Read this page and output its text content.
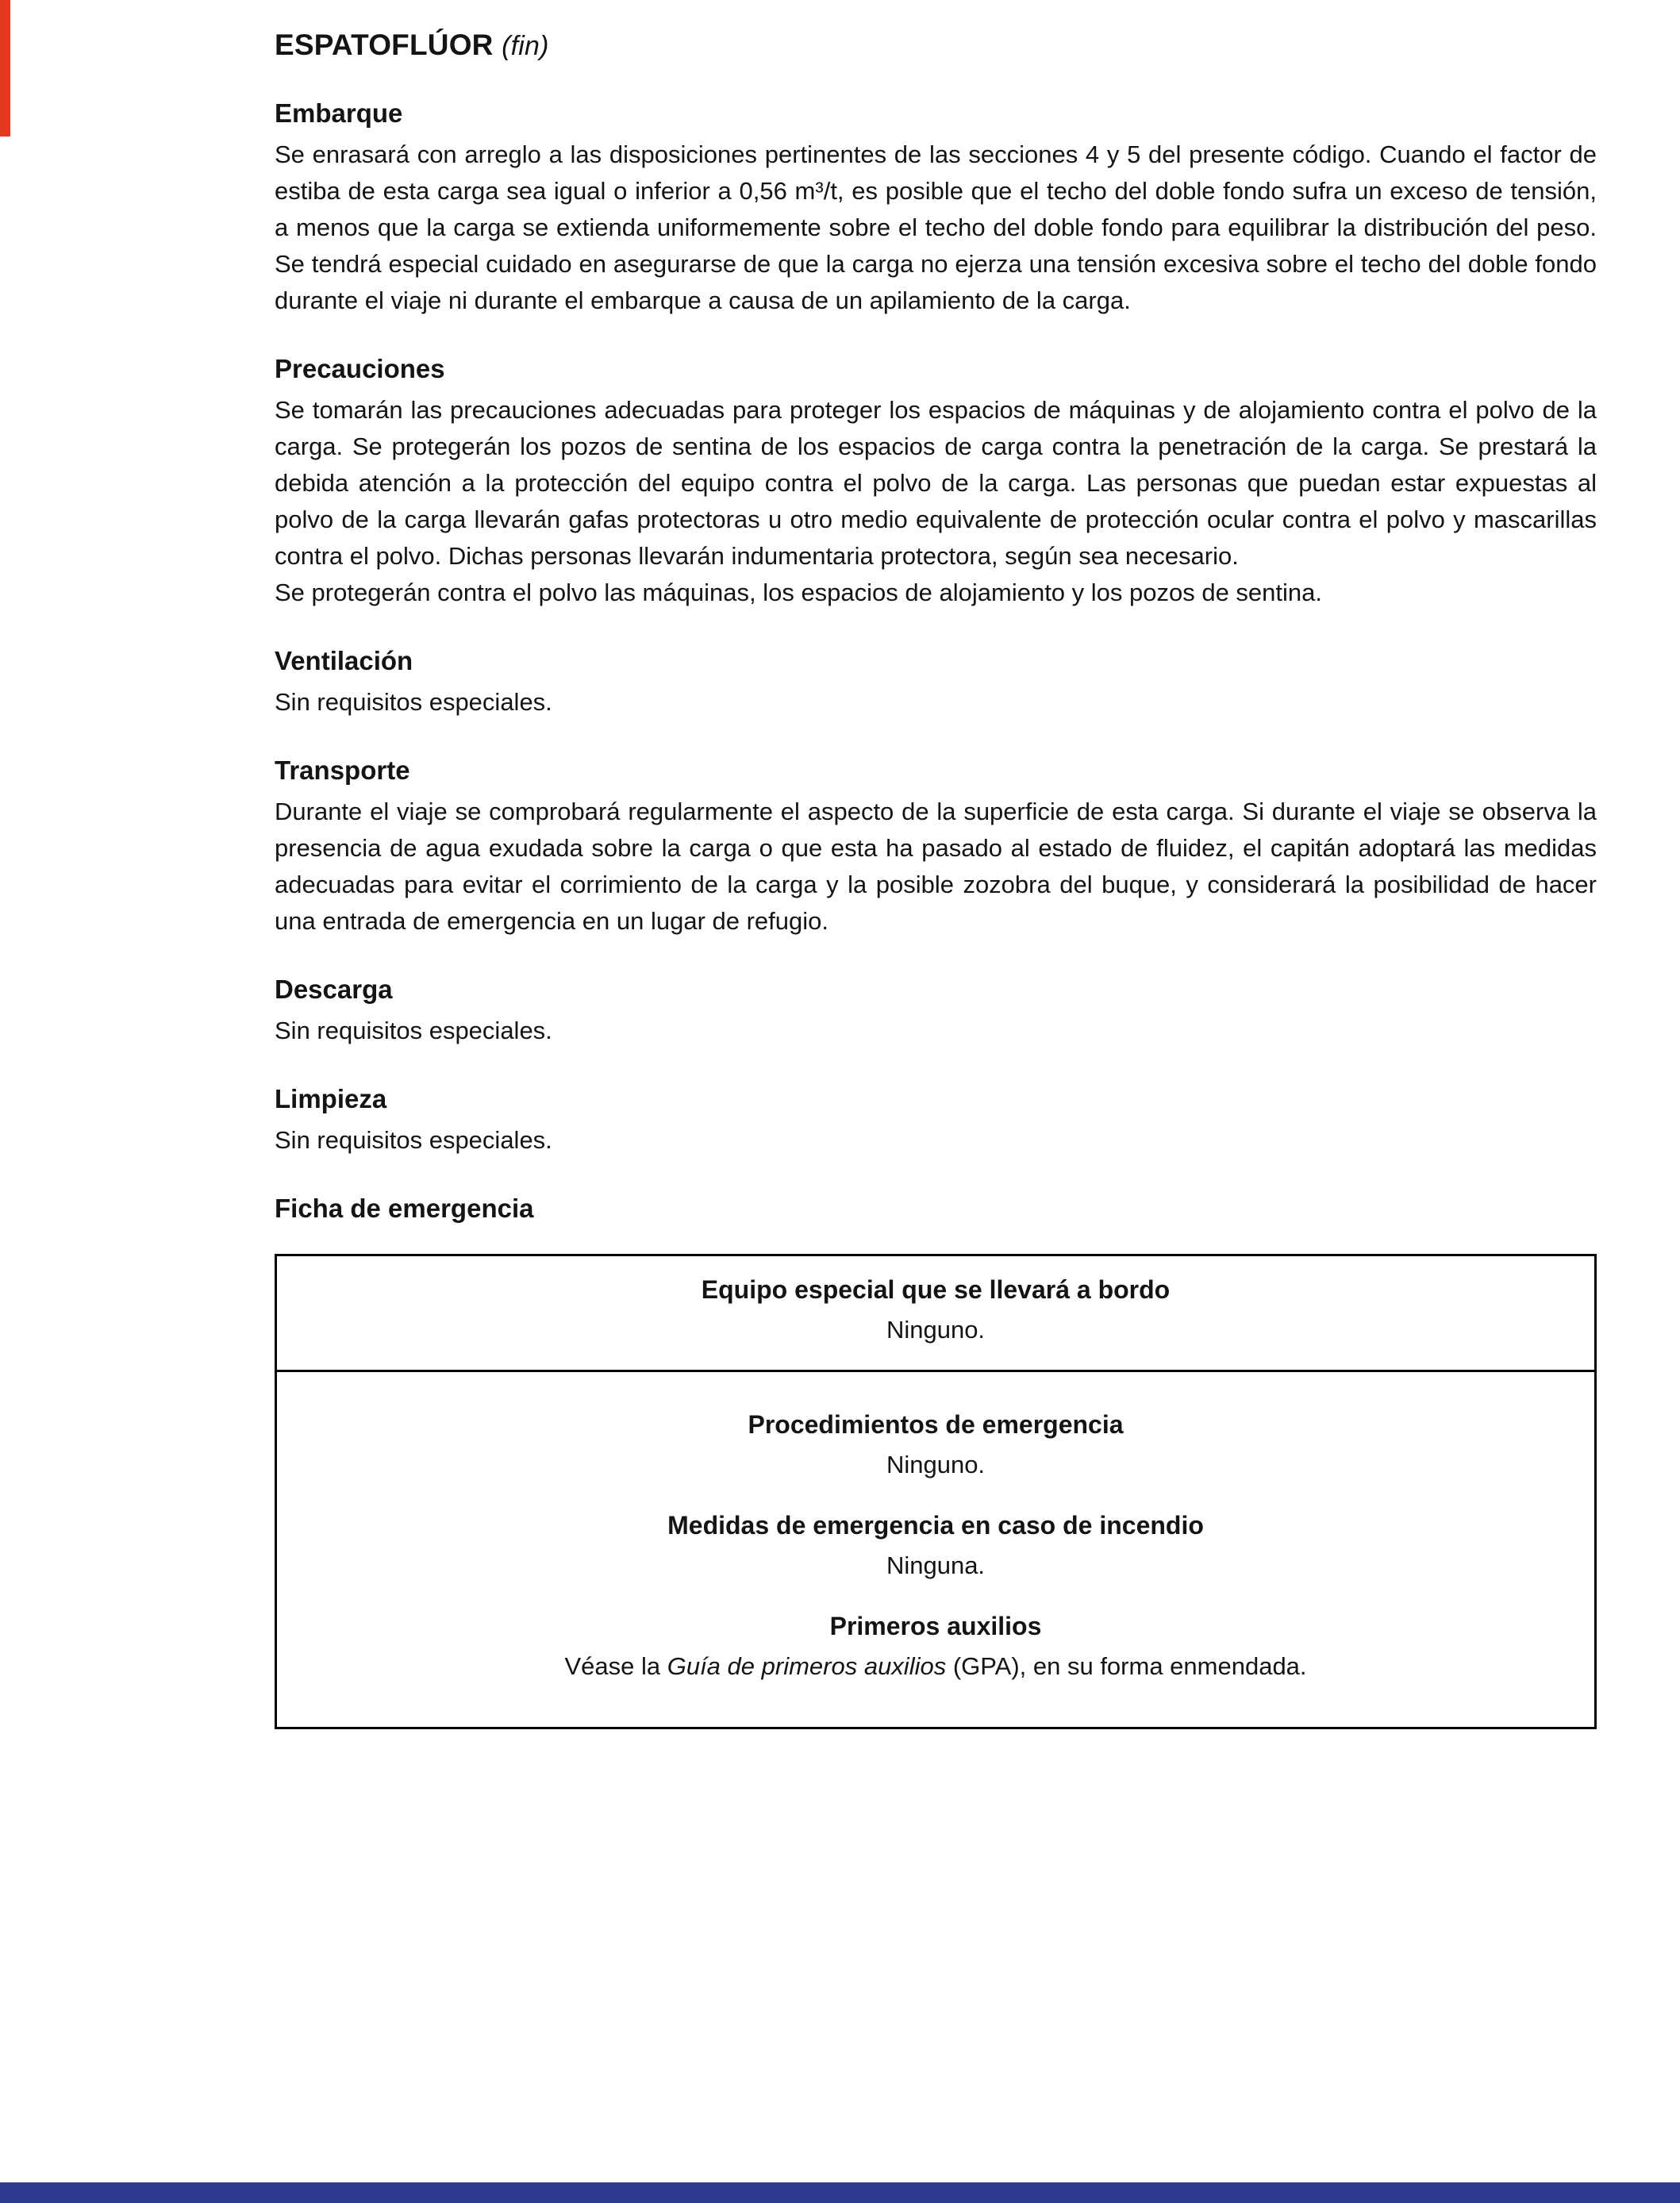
ESPATOFLÚOR (fin)
Embarque

Se enrasará con arreglo a las disposiciones pertinentes de las secciones 4 y 5 del presente código. Cuando el factor de estiba de esta carga sea igual o inferior a 0,56 m³/t, es posible que el techo del doble fondo sufra un exceso de tensión, a menos que la carga se extienda uniformemente sobre el techo del doble fondo para equilibrar la distribución del peso. Se tendrá especial cuidado en asegurarse de que la carga no ejerza una tensión excesiva sobre el techo del doble fondo durante el viaje ni durante el embarque a causa de un apilamiento de la carga.

Precauciones

Se tomarán las precauciones adecuadas para proteger los espacios de máquinas y de alojamiento contra el polvo de la carga. Se protegerán los pozos de sentina de los espacios de carga contra la penetración de la carga. Se prestará la debida atención a la protección del equipo contra el polvo de la carga. Las personas que puedan estar expuestas al polvo de la carga llevarán gafas protectoras u otro medio equivalente de protección ocular contra el polvo y mascarillas contra el polvo. Dichas personas llevarán indumentaria protectora, según sea necesario.

Se protegerán contra el polvo las máquinas, los espacios de alojamiento y los pozos de sentina.

Ventilación

Sin requisitos especiales.

Transporte

Durante el viaje se comprobará regularmente el aspecto de la superficie de esta carga. Si durante el viaje se observa la presencia de agua exudada sobre la carga o que esta ha pasado al estado de fluidez, el capitán adoptará las medidas adecuadas para evitar el corrimiento de la carga y la posible zozobra del buque, y considerará la posibilidad de hacer una entrada de emergencia en un lugar de refugio.

Descarga

Sin requisitos especiales.

Limpieza

Sin requisitos especiales.

Ficha de emergencia

Equipo especial que se llevará a bordo

Ninguno.

Procedimientos de emergencia

Ninguno.

Medidas de emergencia en caso de incendio

Ninguna.

Primeros auxilios

Véase la Guía de primeros auxilios (GPA), en su forma enmendada.
